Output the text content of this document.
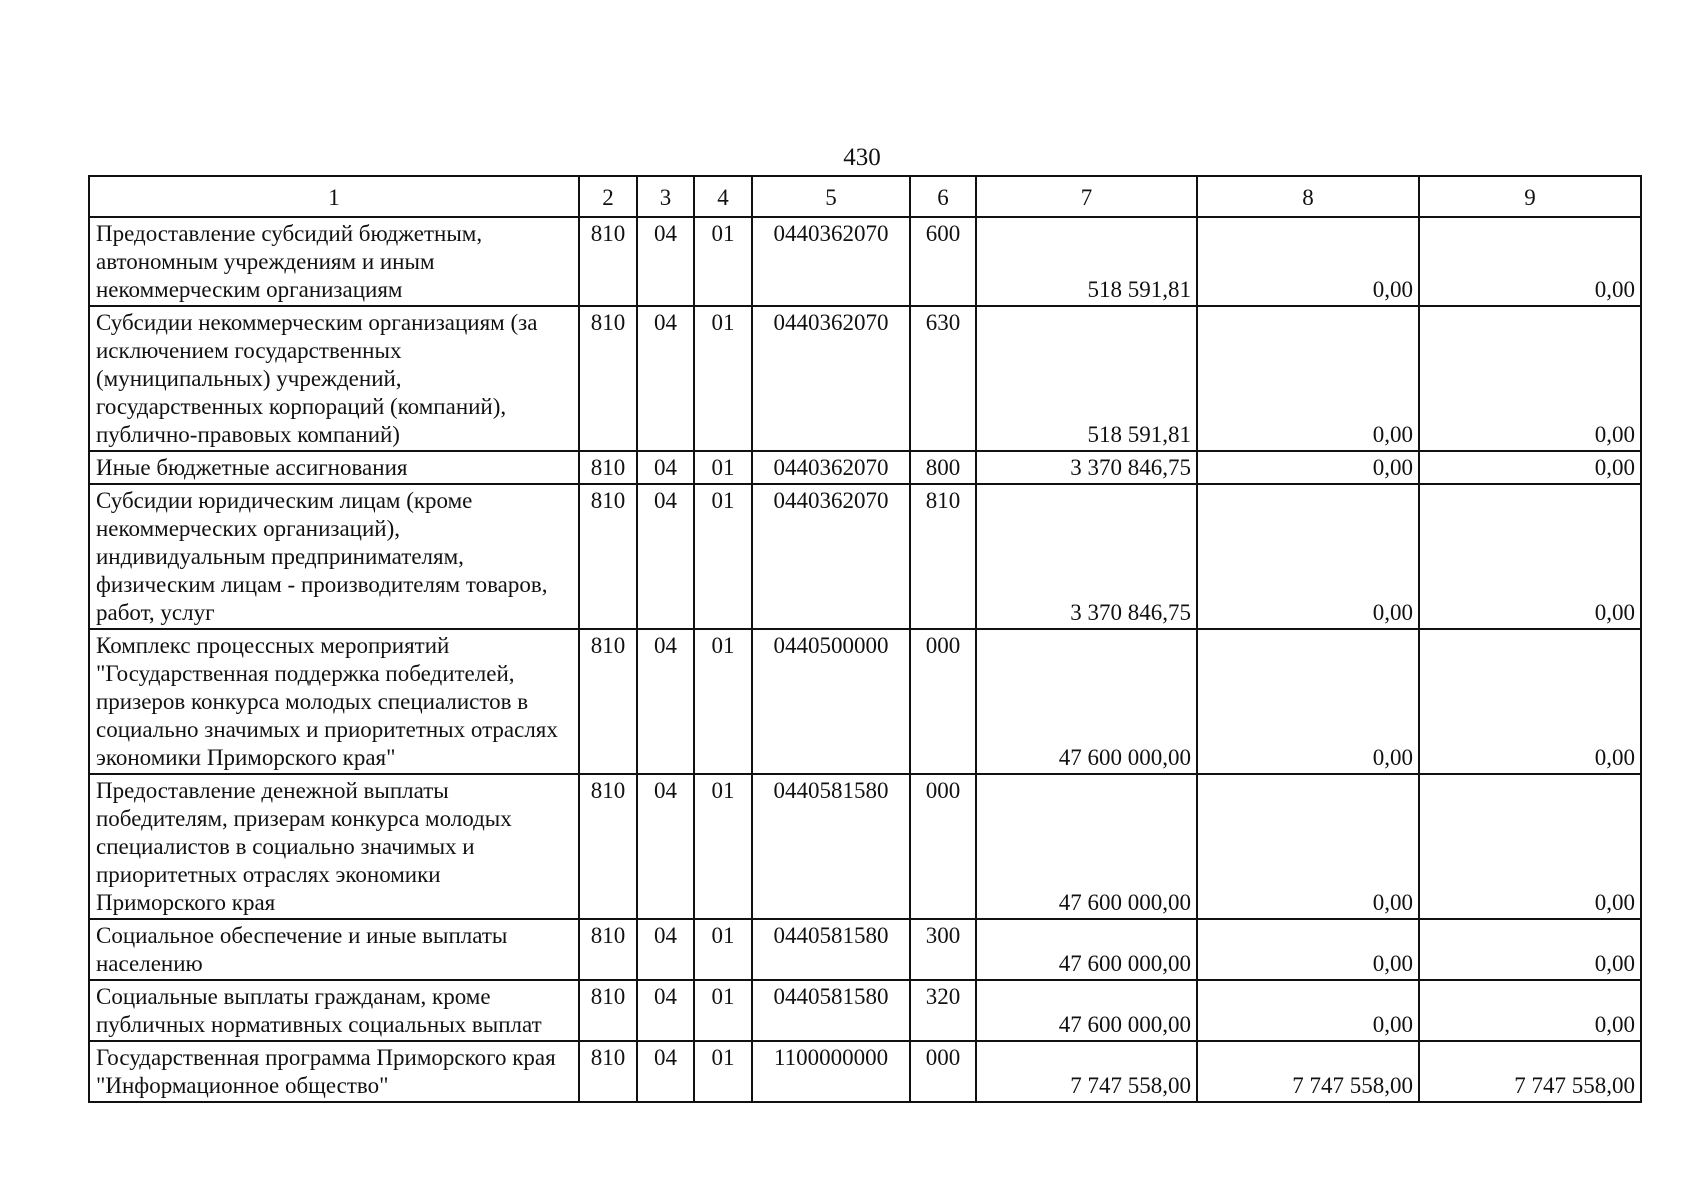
430
1	2	3	4	5	6	7	8	9
Предоставление субсидий бюджетным, автономным учреждениям и иным некоммерческим организациям	810	04	01	0440362070	600	518 591,81	0,00	0,00
Субсидии некоммерческим организациям (за исключением государственных (муниципальных) учреждений, государственных корпораций (компаний), публично-правовых компаний)	810	04	01	0440362070	630	518 591,81	0,00	0,00
Иные бюджетные ассигнования	810	04	01	0440362070	800	3 370 846,75	0,00	0,00
Субсидии юридическим лицам (кроме некоммерческих организаций), индивидуальным предпринимателям, физическим лицам - производителям товаров, работ, услуг	810	04	01	0440362070	810	3 370 846,75	0,00	0,00
Комплекс процессных мероприятий "Государственная поддержка победителей, призеров конкурса молодых специалистов в социально значимых и приоритетных отраслях экономики Приморского края"	810	04	01	0440500000	000	47 600 000,00	0,00	0,00
Предоставление денежной выплаты победителям, призерам конкурса молодых специалистов в социально значимых и приоритетных отраслях экономики Приморского края	810	04	01	0440581580	000	47 600 000,00	0,00	0,00
Социальное обеспечение и иные выплаты населению	810	04	01	0440581580	300	47 600 000,00	0,00	0,00
Социальные выплаты гражданам, кроме публичных нормативных социальных выплат	810	04	01	0440581580	320	47 600 000,00	0,00	0,00
Государственная программа Приморского края "Информационное общество"	810	04	01	1100000000	000	7 747 558,00	7 747 558,00	7 747 558,00
